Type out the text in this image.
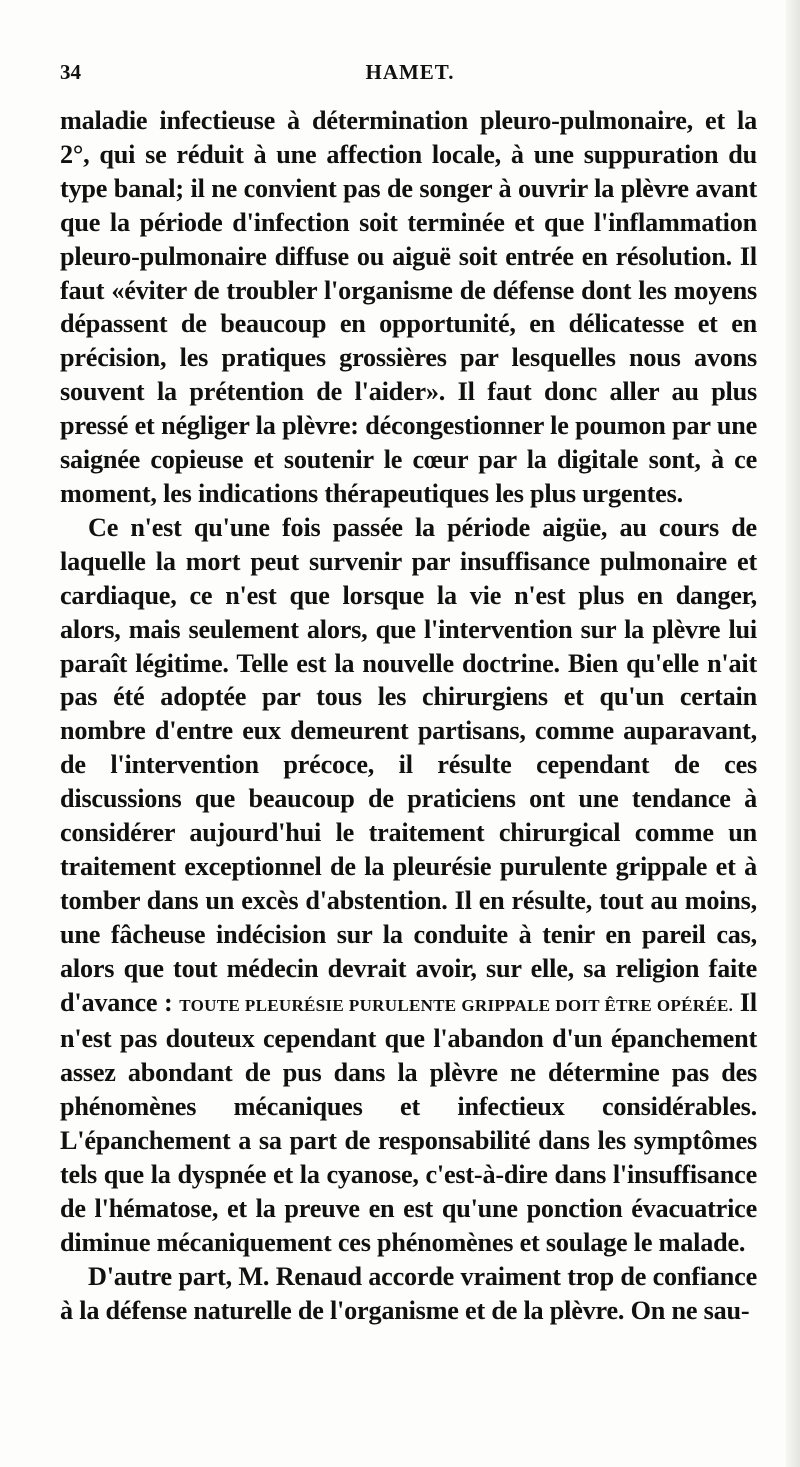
34	HAMET.

maladie infectieuse à détermination pleuro-pulmonaire, et la 2°, qui se réduit à une affection locale, à une suppuration du type banal; il ne convient pas de songer à ouvrir la plèvre avant que la période d'infection soit terminée et que l'inflammation pleuro-pulmonaire diffuse ou aiguë soit entrée en résolution. Il faut «éviter de troubler l'organisme de défense dont les moyens dépassent de beaucoup en opportunité, en délicatesse et en précision, les pratiques grossières par lesquelles nous avons souvent la prétention de l'aider». Il faut donc aller au plus pressé et négliger la plèvre: décongestionner le poumon par une saignée copieuse et soutenir le cœur par la digitale sont, à ce moment, les indications thérapeutiques les plus urgentes.

Ce n'est qu'une fois passée la période aigüe, au cours de laquelle la mort peut survenir par insuffisance pulmonaire et cardiaque, ce n'est que lorsque la vie n'est plus en danger, alors, mais seulement alors, que l'intervention sur la plèvre lui paraît légitime. Telle est la nouvelle doctrine. Bien qu'elle n'ait pas été adoptée par tous les chirurgiens et qu'un certain nombre d'entre eux demeurent partisans, comme auparavant, de l'intervention précoce, il résulte cependant de ces discussions que beaucoup de praticiens ont une tendance à considérer aujourd'hui le traitement chirurgical comme un traitement exceptionnel de la pleurésie purulente grippale et à tomber dans un excès d'abstention. Il en résulte, tout au moins, une fâcheuse indécision sur la conduite à tenir en pareil cas, alors que tout médecin devrait avoir, sur elle, sa religion faite d'avance : TOUTE PLEURÉSIE PURULENTE GRIPPALE DOIT ÊTRE OPÉRÉE. Il n'est pas douteux cependant que l'abandon d'un épanchement assez abondant de pus dans la plèvre ne détermine pas des phénomènes mécaniques et infectieux considérables. L'épanchement a sa part de responsabilité dans les symptômes tels que la dyspnée et la cyanose, c'est-à-dire dans l'insuffisance de l'hématose, et la preuve en est qu'une ponction évacuatrice diminue mécaniquement ces phénomènes et soulage le malade.

D'autre part, M. Renaud accorde vraiment trop de confiance à la défense naturelle de l'organisme et de la plèvre. On ne sau-
